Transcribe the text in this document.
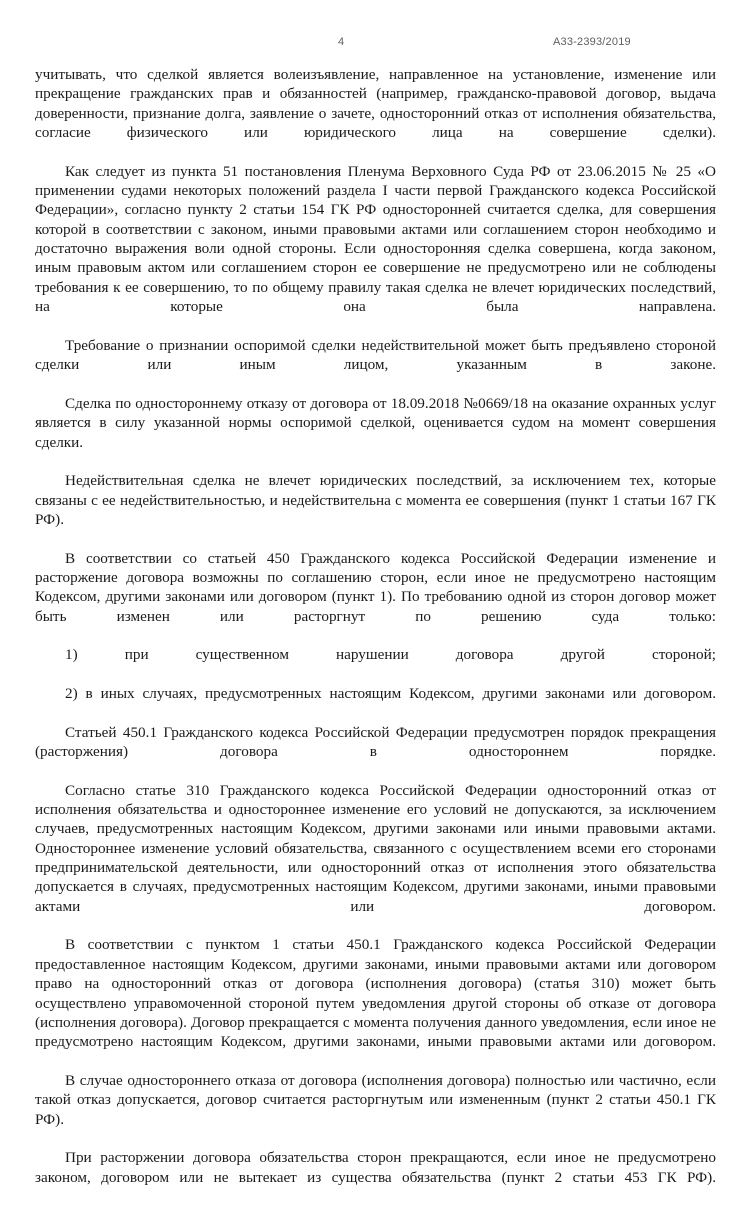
4	А33-2393/2019

учитывать, что сделкой является волеизъявление, направленное на установление, изменение или прекращение гражданских прав и обязанностей (например, гражданско-правовой договор, выдача доверенности, признание долга, заявление о зачете, односторонний отказ от исполнения обязательства, согласие физического или юридического лица на совершение сделки).

Как следует из пункта 51 постановления Пленума Верховного Суда РФ от 23.06.2015 № 25 «О применении судами некоторых положений раздела I части первой Гражданского кодекса Российской Федерации», согласно пункту 2 статьи 154 ГК РФ односторонней считается сделка, для совершения которой в соответствии с законом, иными правовыми актами или соглашением сторон необходимо и достаточно выражения воли одной стороны. Если односторонняя сделка совершена, когда законом, иным правовым актом или соглашением сторон ее совершение не предусмотрено или не соблюдены требования к ее совершению, то по общему правилу такая сделка не влечет юридических последствий, на которые она была направлена.

Требование о признании оспоримой сделки недействительной может быть предъявлено стороной сделки или иным лицом, указанным в законе.

Сделка по одностороннему отказу от договора от 18.09.2018 №0669/18 на оказание охранных услуг  является в силу указанной нормы оспоримой сделкой, оценивается судом на момент совершения сделки.

Недействительная сделка не влечет юридических последствий, за исключением тех, которые связаны с ее недействительностью, и недействительна с момента ее совершения (пункт 1 статьи 167 ГК РФ).

В соответствии со статьей 450 Гражданского кодекса Российской Федерации изменение и расторжение договора возможны по соглашению сторон, если иное не предусмотрено настоящим Кодексом, другими законами или договором (пункт 1). По требованию одной из сторон договор может быть изменен или расторгнут по решению суда только:

1) при существенном нарушении договора другой стороной;

2) в иных случаях, предусмотренных настоящим Кодексом, другими законами или договором.

Статьей 450.1 Гражданского кодекса Российской Федерации предусмотрен порядок прекращения (расторжения) договора в одностороннем порядке.

Согласно статье 310 Гражданского кодекса Российской Федерации односторонний отказ от исполнения обязательства и одностороннее изменение его условий не допускаются, за исключением случаев, предусмотренных настоящим Кодексом, другими законами или иными правовыми актами. Одностороннее изменение условий обязательства, связанного с осуществлением всеми его сторонами предпринимательской деятельности, или односторонний отказ от исполнения этого обязательства допускается в случаях, предусмотренных настоящим Кодексом, другими законами, иными правовыми актами или договором.

В соответствии с пунктом 1 статьи 450.1 Гражданского кодекса Российской Федерации предоставленное настоящим Кодексом, другими законами, иными правовыми актами или договором право на односторонний отказ от договора (исполнения договора) (статья 310) может быть осуществлено управомоченной стороной путем уведомления другой стороны об отказе от договора (исполнения договора). Договор прекращается с момента получения данного уведомления, если иное не предусмотрено настоящим Кодексом, другими законами, иными правовыми актами или договором.

В случае одностороннего отказа от договора (исполнения договора) полностью или частично, если такой отказ допускается, договор считается расторгнутым или измененным (пункт 2 статьи 450.1 ГК РФ).

При расторжении договора обязательства сторон прекращаются, если иное не предусмотрено законом, договором или не вытекает из существа обязательства (пункт 2 статьи 453 ГК РФ).
